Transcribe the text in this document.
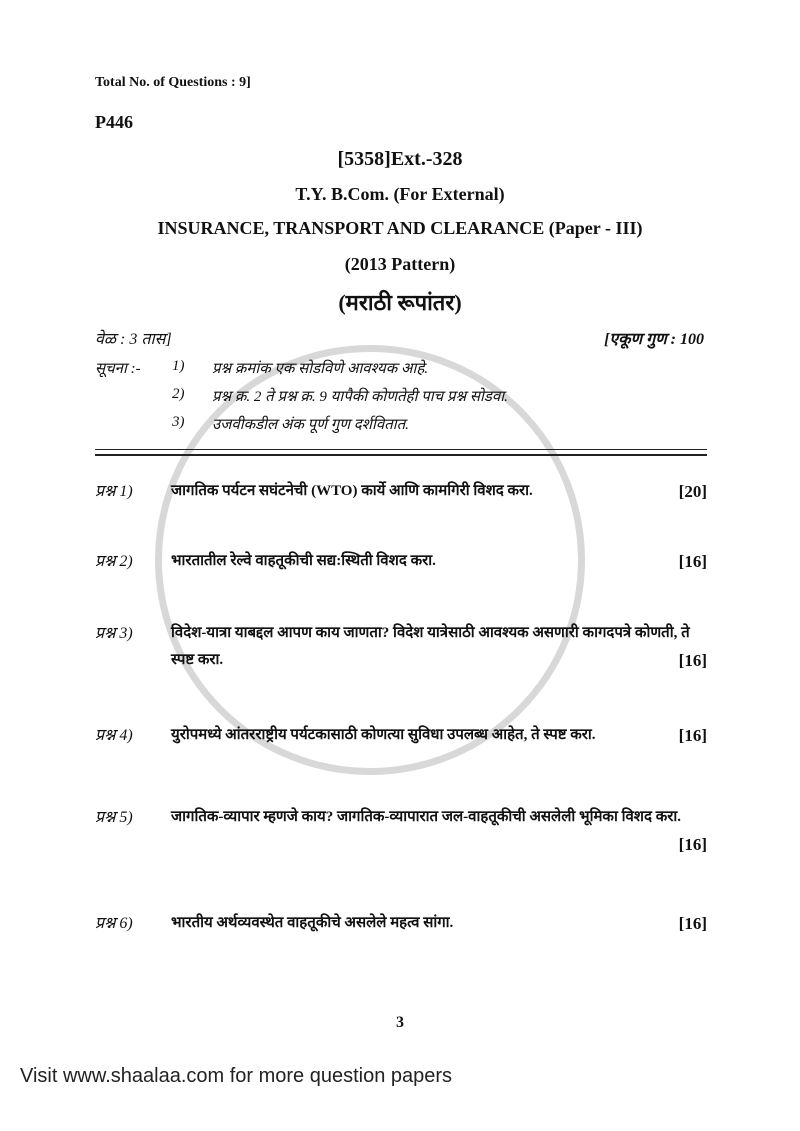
Total No. of Questions : 9]
P446
[5358]Ext.-328
T.Y. B.Com. (For External)
INSURANCE, TRANSPORT AND CLEARANCE (Paper - III)
(2013 Pattern)
(मराठी रूपांतर)
वेळ : 3 तास]	[एकूण गुण : 100
सूचना :- 1) प्रश्न क्रमांक एक सोडविणे आवश्यक आहे.
2) प्रश्न क्र. 2 ते प्रश्न क्र. 9 यापैकी कोणतेही पाच प्रश्न सोडवा.
3) उजवीकडील अंक पूर्ण गुण दर्शवितात.
प्रश्न 1)	जागतिक पर्यटन सघंटनेची (WTO) कार्ये आणि कामगिरी विशद करा.	[20]
प्रश्न 2)	भारतातील रेल्वे वाहतूकीची सद्य:स्थिती विशद करा.	[16]
प्रश्न 3)	विदेश-यात्रा याबद्दल आपण काय जाणता? विदेश यात्रेसाठी आवश्यक असणारी कागदपत्रे कोणती, ते स्पष्ट करा.	[16]
प्रश्न 4)	युरोपमध्ये आंतरराष्ट्रीय पर्यटकासाठी कोणत्या सुविधा उपलब्ध आहेत, ते स्पष्ट करा.	[16]
प्रश्न 5)	जागतिक-व्यापार म्हणजे काय? जागतिक-व्यापारात जल-वाहतूकीची असलेली भूमिका विशद करा.
[16]
प्रश्न 6)	भारतीय अर्थव्यवस्थेत वाहतूकीचे असलेले महत्व सांगा.	[16]
3
Visit www.shaalaa.com for more question papers
